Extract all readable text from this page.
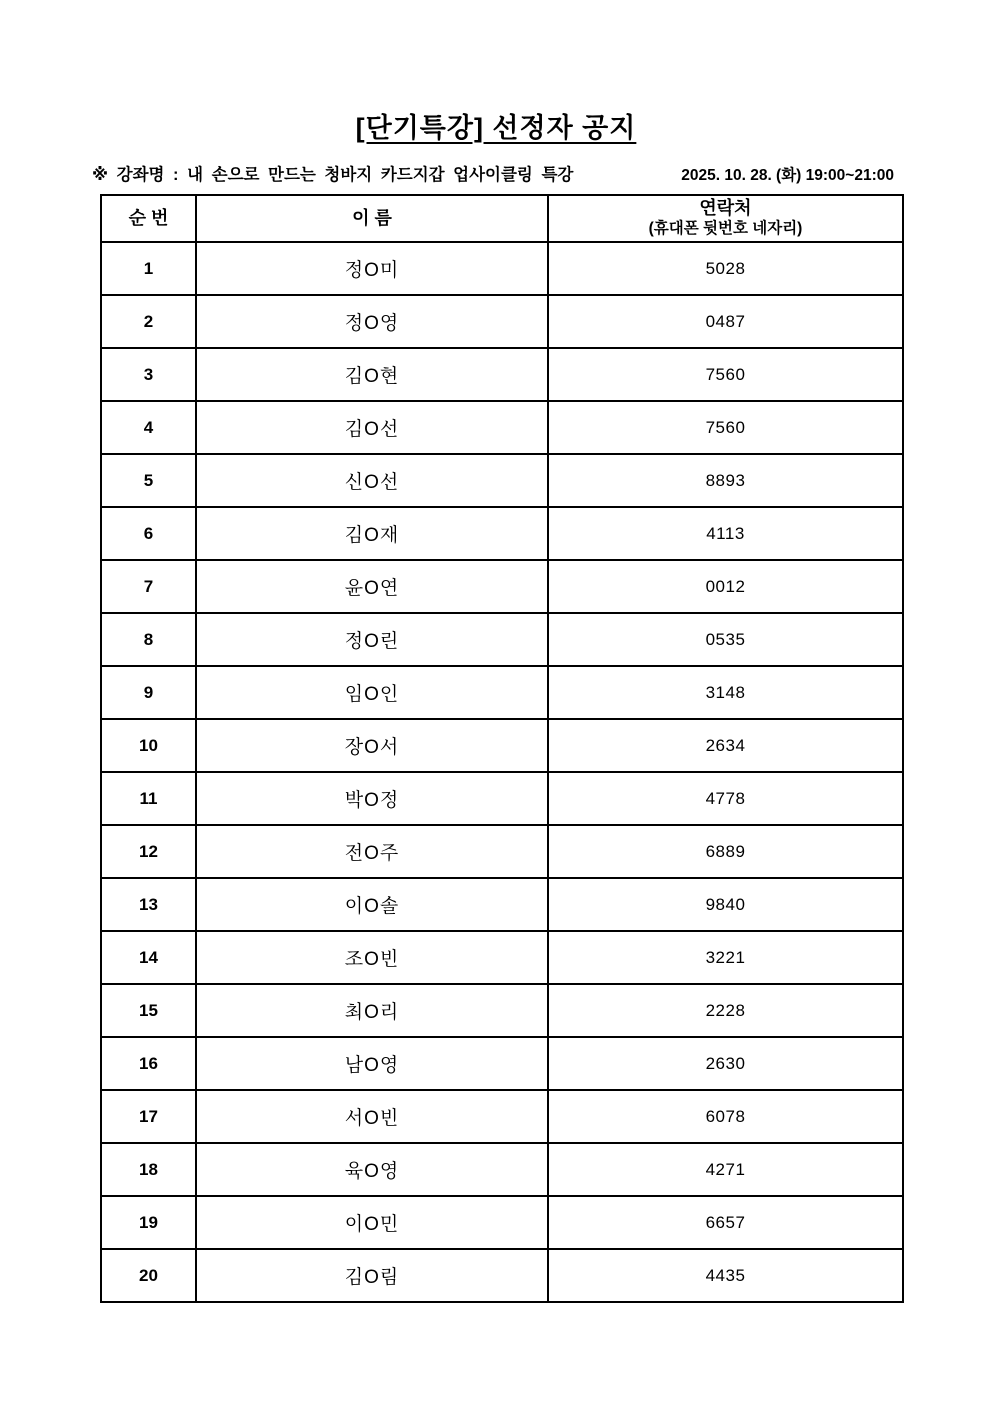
[단기특강] 선정자 공지
※ 강좌명 : 내 손으로 만드는 청바지 카드지갑 업사이클링 특강	2025. 10. 28. (화) 19:00~21:00
순 번	이 름	연락처
(휴대폰 뒷번호 네자리)

1	정O미	5028
2	정O영	0487
3	김O현	7560
4	김O선	7560
5	신O선	8893
6	김O재	4113
7	윤O연	0012
8	정O린	0535
9	임O인	3148
10	장O서	2634
11	박O정	4778
12	전O주	6889
13	이O솔	9840
14	조O빈	3221
15	최O리	2228
16	남O영	2630
17	서O빈	6078
18	육O영	4271
19	이O민	6657
20	김O림	4435
